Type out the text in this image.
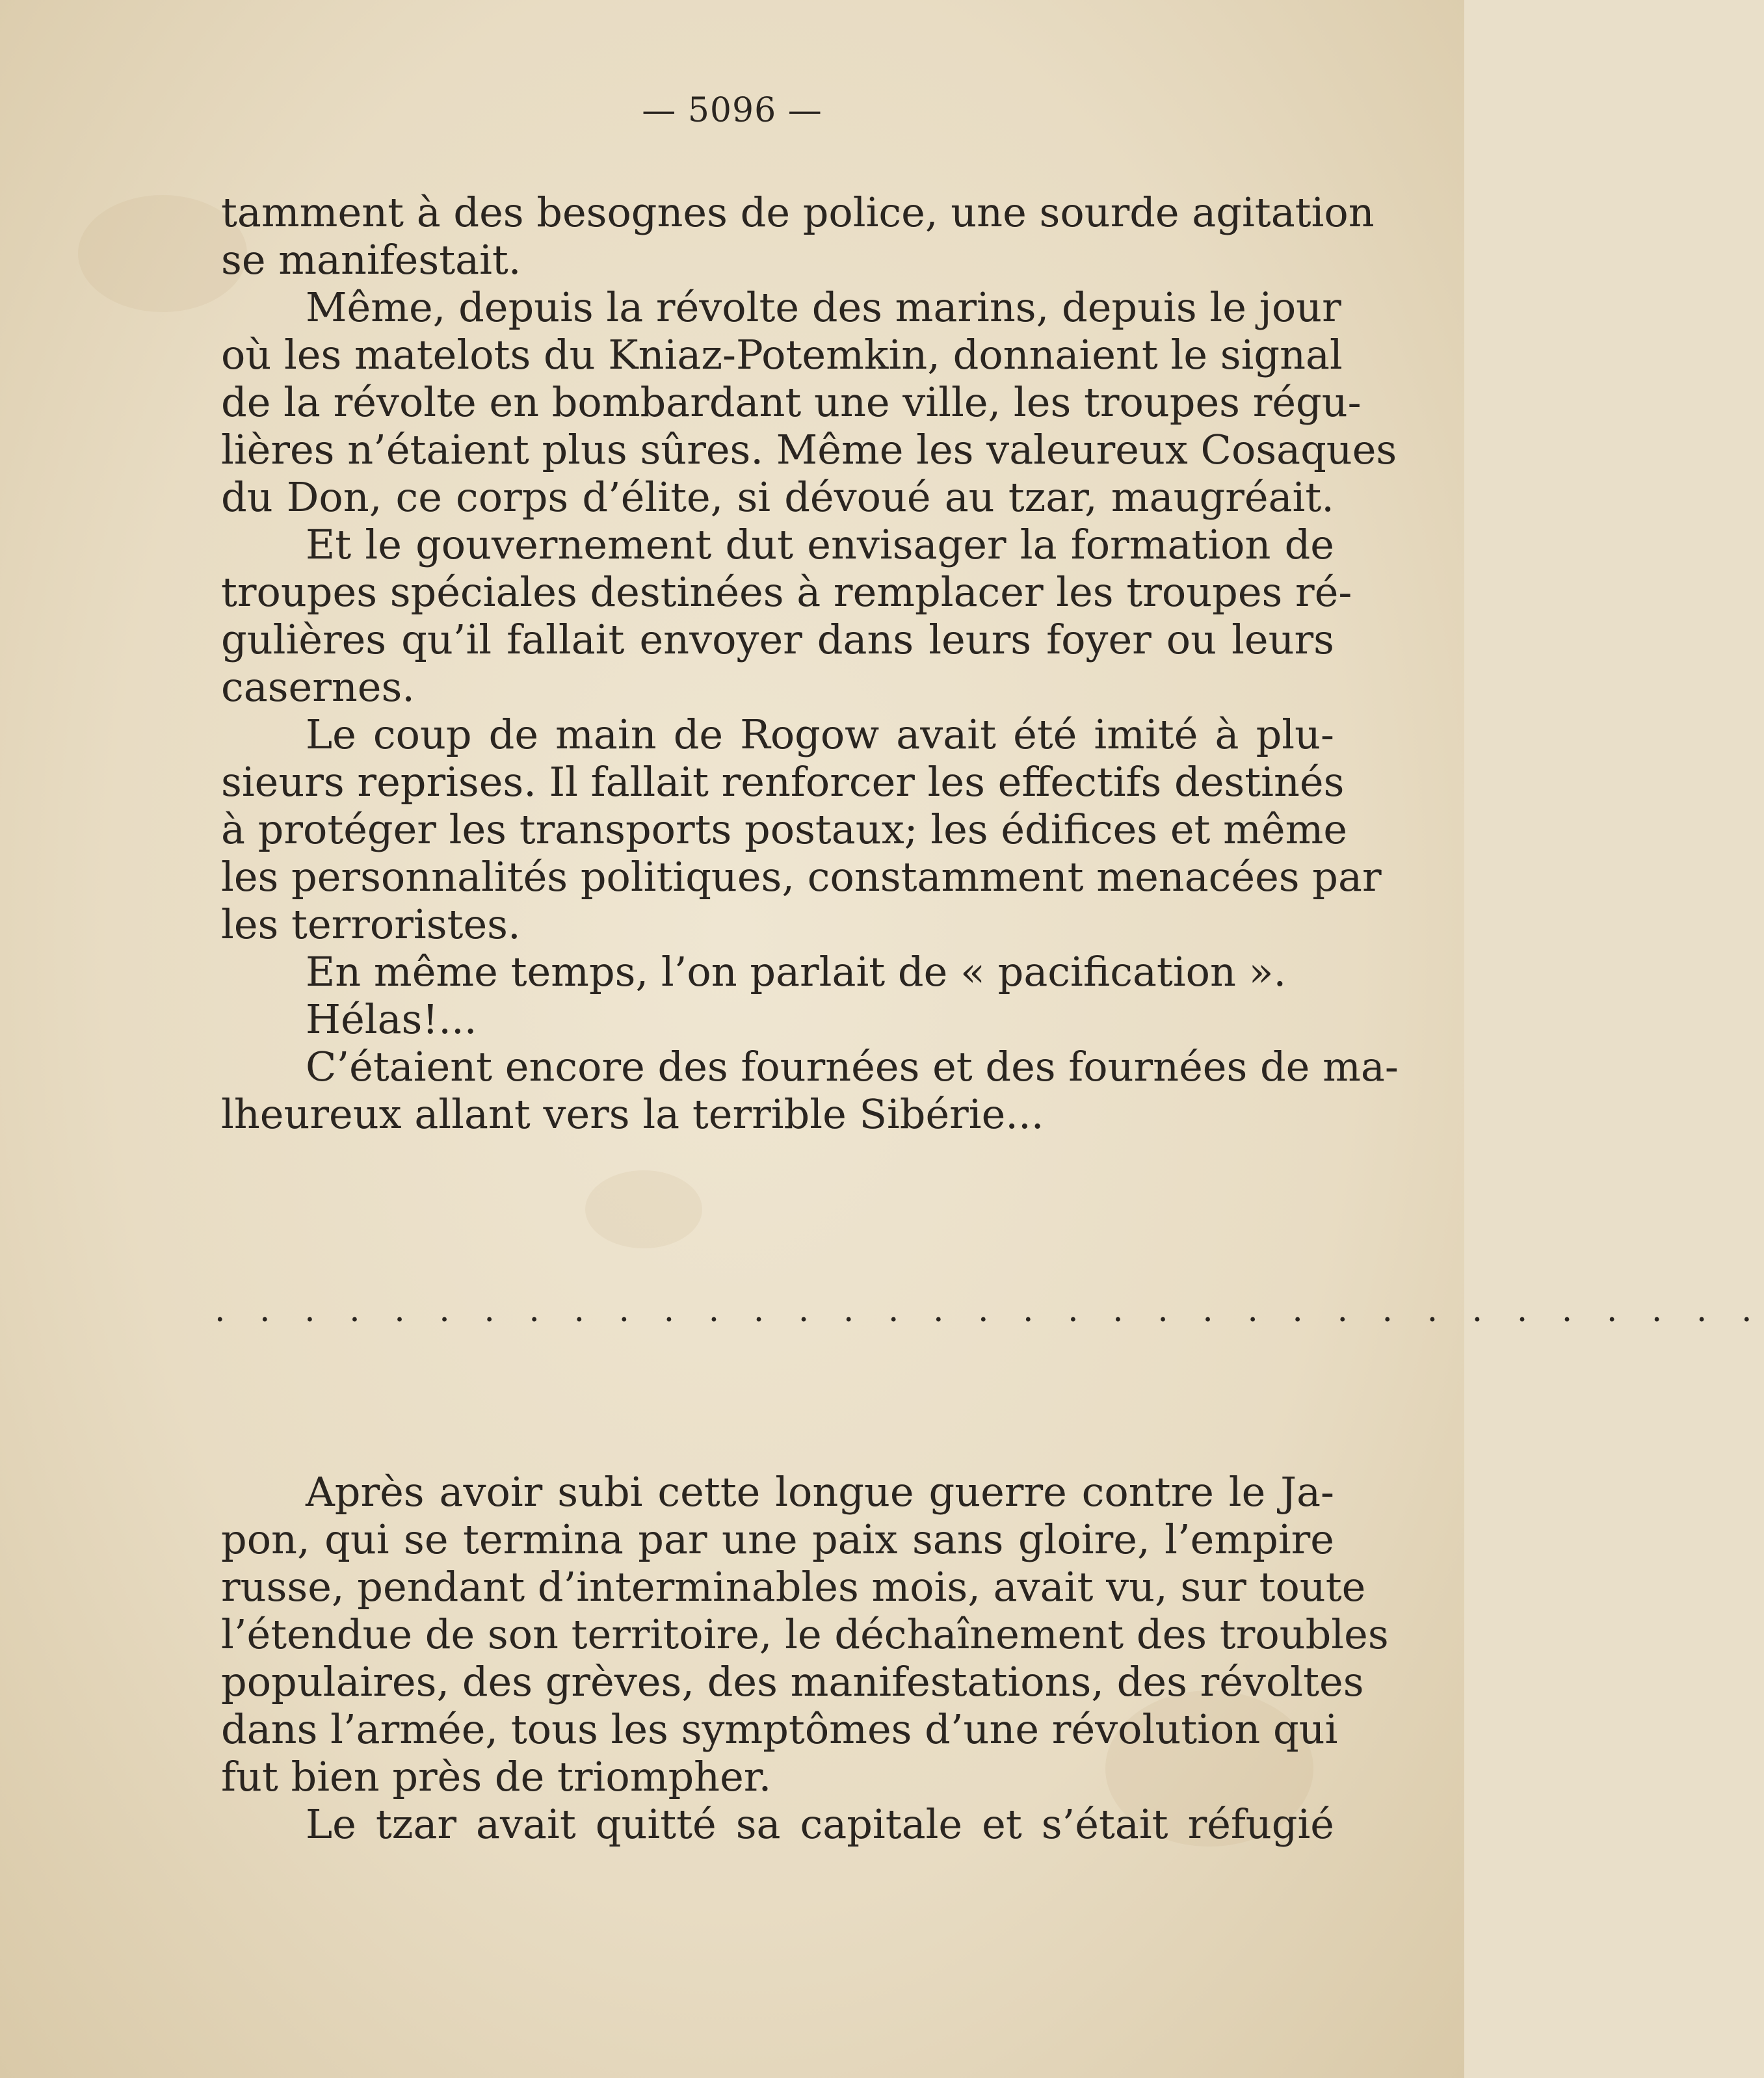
— 5096 —
tamment à des besognes de police, une sourde agitation
se manifestait.
Même, depuis la révolte des marins, depuis le jour
où les matelots du Kniaz-Potemkin, donnaient le signal
de la révolte en bombardant une ville, les troupes régu-
lières n’étaient plus sûres. Même les valeureux Cosaques
du Don, ce corps d’élite, si dévoué au tzar, maugréait.
Et le gouvernement dut envisager la formation de
troupes spéciales destinées à remplacer les troupes ré-
gulières qu’il fallait envoyer dans leurs foyer ou leurs
casernes.
Le coup de main de Rogow avait été imité à plu-
sieurs reprises. Il fallait renforcer les effectifs destinés
à protéger les transports postaux; les édifices et même
les personnalités politiques, constamment menacées par
les terroristes.
En même temps, l’on parlait de « pacification ».
Hélas!...
C’étaient encore des fournées et des fournées de ma-
lheureux allant vers la terrible Sibérie...
. . . . . . . . . . . . . . . . . . . . . . . . . . . . . . . . . . .
Après avoir subi cette longue guerre contre le Ja-
pon, qui se termina par une paix sans gloire, l’empire
russe, pendant d’interminables mois, avait vu, sur toute
l’étendue de son territoire, le déchaînement des troubles
populaires, des grèves, des manifestations, des révoltes
dans l’armée, tous les symptômes d’une révolution qui
fut bien près de triompher.
Le tzar avait quitté sa capitale et s’était réfugié
